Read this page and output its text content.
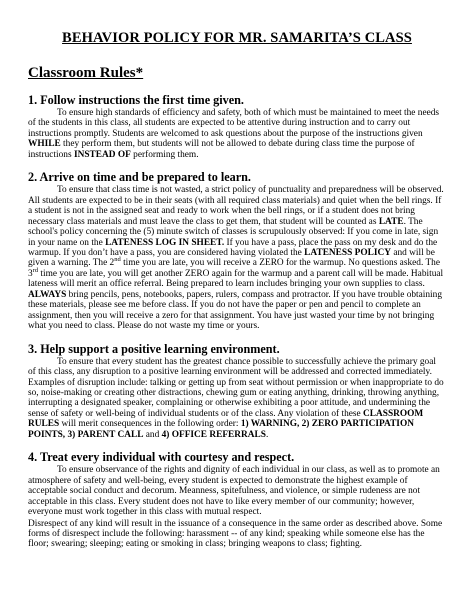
BEHAVIOR POLICY FOR MR. SAMARITA’S CLASS
Classroom Rules*
1. Follow instructions the first time given.
To ensure high standards of efficiency and safety, both of which must be maintained to meet the needs of the students in this class, all students are expected to be attentive during instruction and to carry out instructions promptly. Students are welcomed to ask questions about the purpose of the instructions given WHILE they perform them, but students will not be allowed to debate during class time the purpose of instructions INSTEAD OF performing them.
2. Arrive on time and be prepared to learn.
To ensure that class time is not wasted, a strict policy of punctuality and preparedness will be observed. All students are expected to be in their seats (with all required class materials) and quiet when the bell rings. If a student is not in the assigned seat and ready to work when the bell rings, or if a student does not bring necessary class materials and must leave the class to get them, that student will be counted as LATE. The school's policy concerning the (5) minute switch of classes is scrupulously observed: If you come in late, sign in your name on the LATENESS LOG IN SHEET. If you have a pass, place the pass on my desk and do the warmup. If you don’t have a pass, you are considered having violated the LATENESS POLICY and will be given a warning. The 2nd time you are late, you will receive a ZERO for the warmup. No questions asked. The 3rd time you are late, you will get another ZERO again for the warmup and a parent call will be made. Habitual lateness will merit an office referral. Being prepared to learn includes bringing your own supplies to class. ALWAYS bring pencils, pens, notebooks, papers, rulers, compass and protractor. If you have trouble obtaining these materials, please see me before class. If you do not have the paper or pen and pencil to complete an assignment, then you will receive a zero for that assignment. You have just wasted your time by not bringing what you need to class. Please do not waste my time or yours.
3. Help support a positive learning environment.
To ensure that every student has the greatest chance possible to successfully achieve the primary goal of this class, any disruption to a positive learning environment will be addressed and corrected immediately. Examples of disruption include: talking or getting up from seat without permission or when inappropriate to do so, noise-making or creating other distractions, chewing gum or eating anything, drinking, throwing anything, interrupting a designated speaker, complaining or otherwise exhibiting a poor attitude, and undermining the sense of safety or well-being of individual students or of the class. Any violation of these CLASSROOM RULES will merit consequences in the following order: 1) WARNING, 2) ZERO PARTICIPATION POINTS, 3) PARENT CALL and 4) OFFICE REFERRALS.
4. Treat every individual with courtesy and respect.
To ensure observance of the rights and dignity of each individual in our class, as well as to promote an atmosphere of safety and well-being, every student is expected to demonstrate the highest example of acceptable social conduct and decorum. Meanness, spitefulness, and violence, or simple rudeness are not acceptable in this class. Every student does not have to like every member of our community; however, everyone must work together in this class with mutual respect.
Disrespect of any kind will result in the issuance of a consequence in the same order as described above. Some forms of disrespect include the following: harassment -- of any kind; speaking while someone else has the floor; swearing; sleeping; eating or smoking in class; bringing weapons to class; fighting.
